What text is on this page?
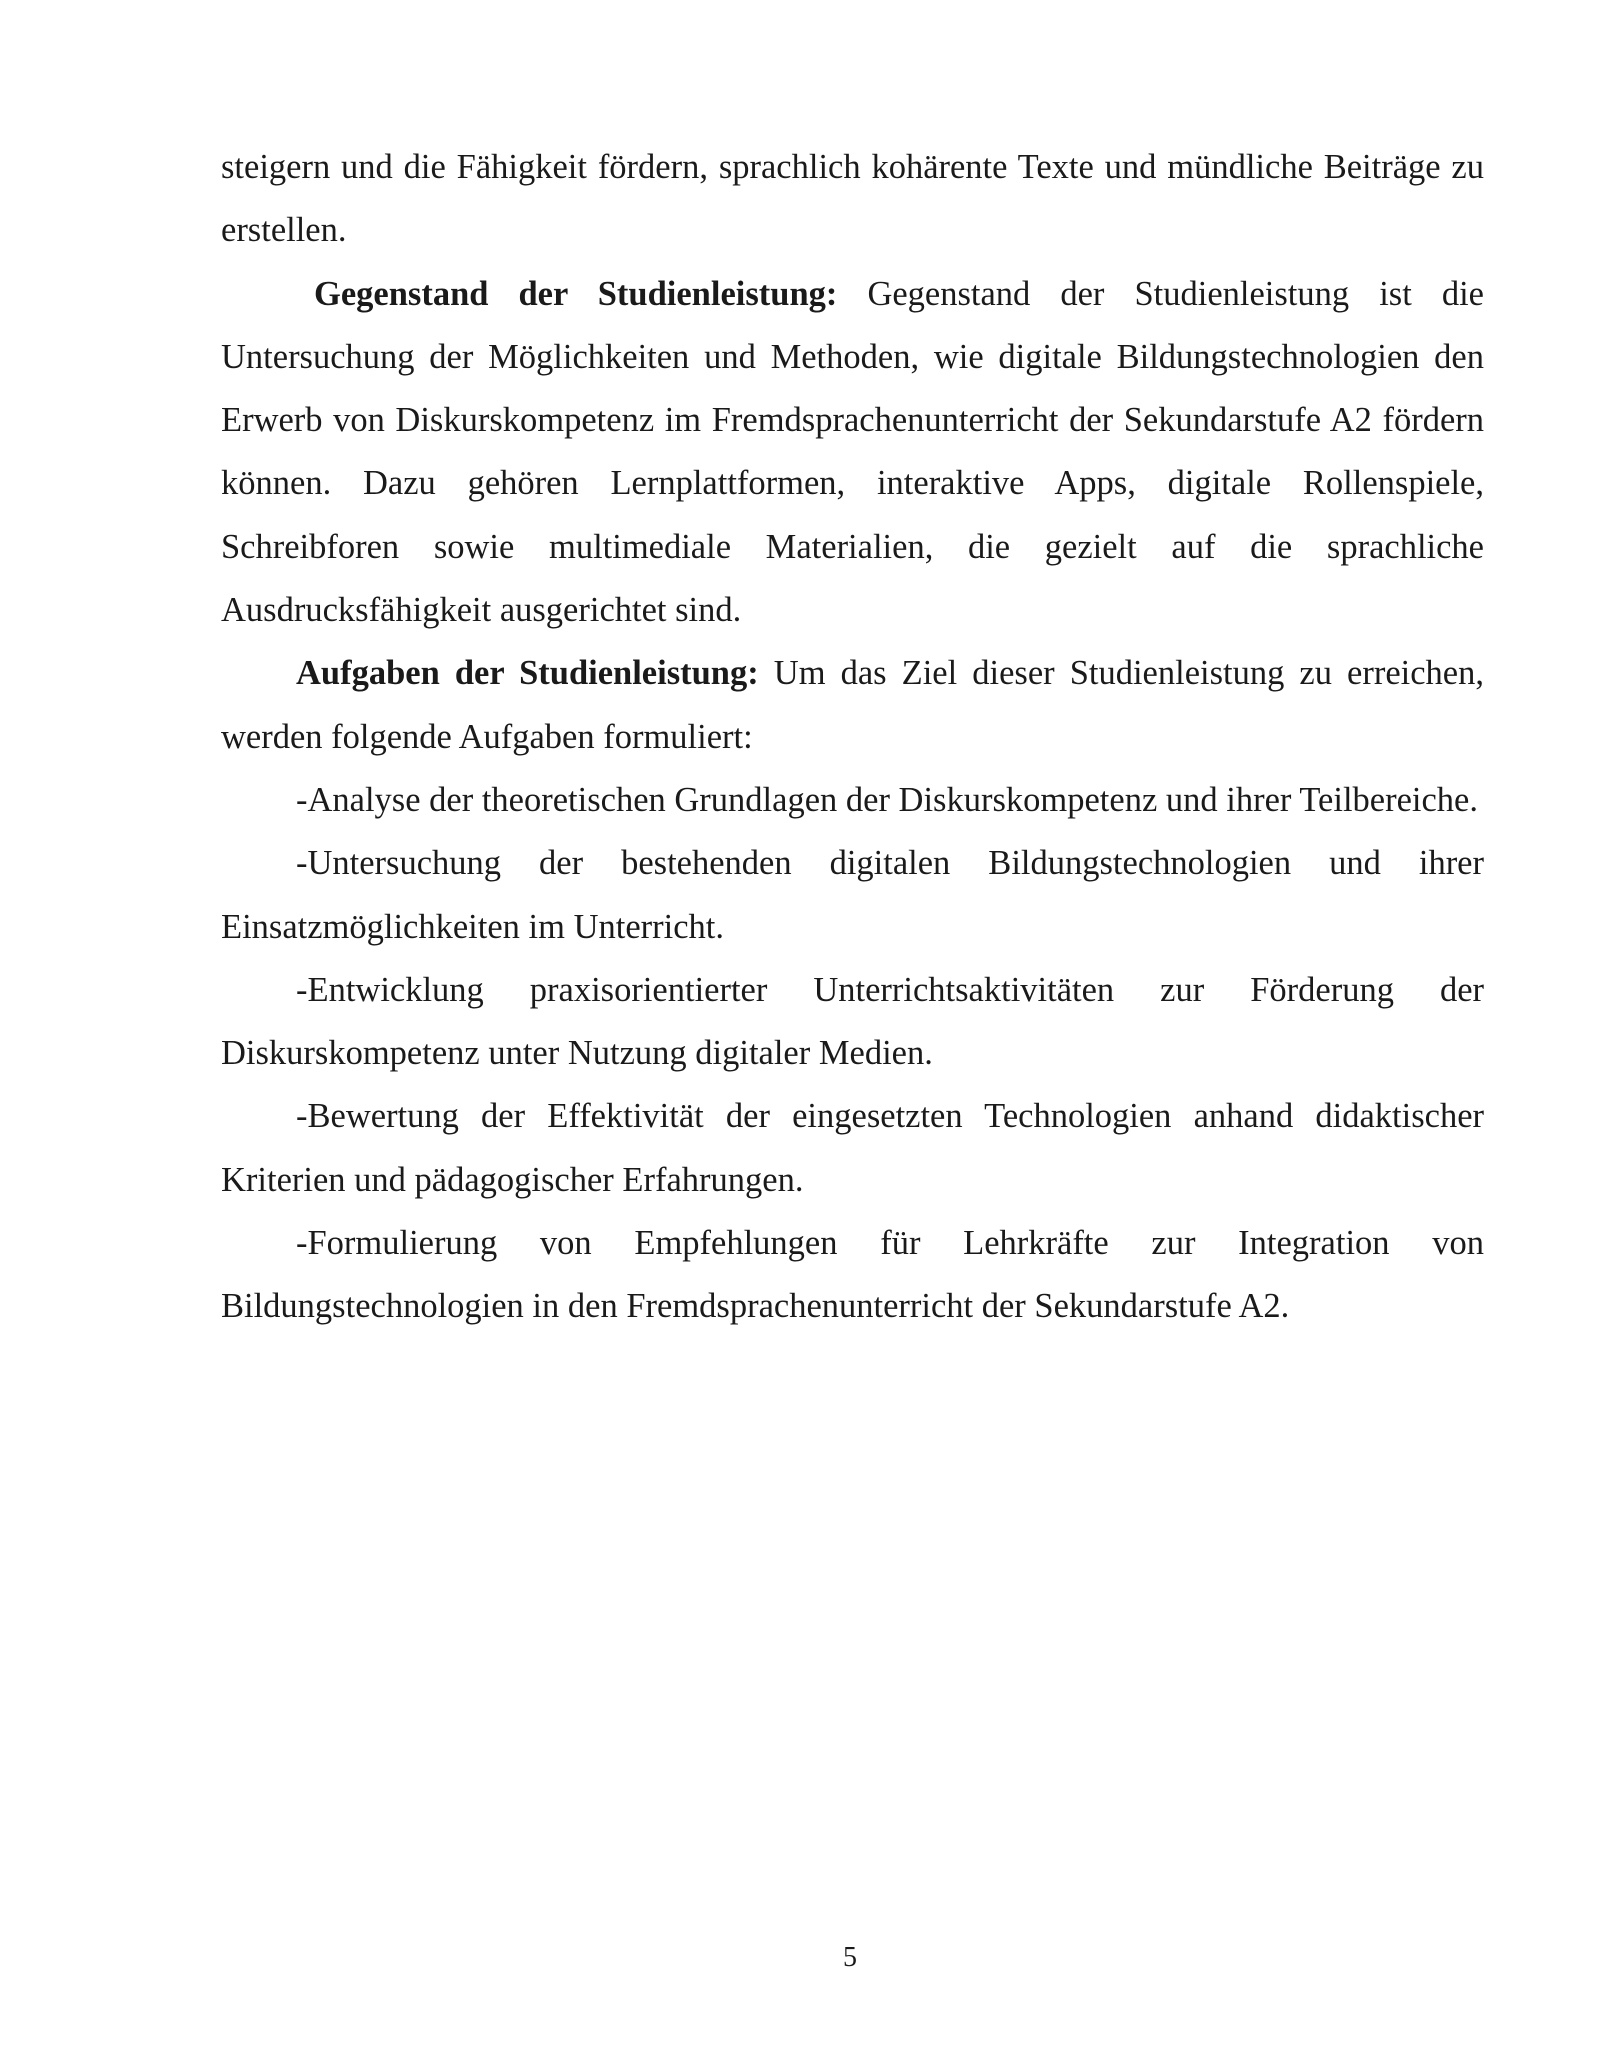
steigern und die Fähigkeit fördern, sprachlich kohärente Texte und mündliche Beiträge zu erstellen.

Gegenstand der Studienleistung: Gegenstand der Studienleistung ist die Untersuchung der Möglichkeiten und Methoden, wie digitale Bildungstechnologien den Erwerb von Diskurskompetenz im Fremdsprachenunterricht der Sekundarstufe A2 fördern können. Dazu gehören Lernplattformen, interaktive Apps, digitale Rollenspiele, Schreibforen sowie multimediale Materialien, die gezielt auf die sprachliche Ausdrucksfähigkeit ausgerichtet sind.

Aufgaben der Studienleistung: Um das Ziel dieser Studienleistung zu erreichen, werden folgende Aufgaben formuliert:

-Analyse der theoretischen Grundlagen der Diskurskompetenz und ihrer Teilbereiche.

-Untersuchung der bestehenden digitalen Bildungstechnologien und ihrer Einsatzmöglichkeiten im Unterricht.

-Entwicklung praxisorientierter Unterrichtsaktivitäten zur Förderung der Diskurskompetenz unter Nutzung digitaler Medien.

-Bewertung der Effektivität der eingesetzten Technologien anhand didaktischer Kriterien und pädagogischer Erfahrungen.

-Formulierung von Empfehlungen für Lehrkräfte zur Integration von Bildungstechnologien in den Fremdsprachenunterricht der Sekundarstufe A2.

5
